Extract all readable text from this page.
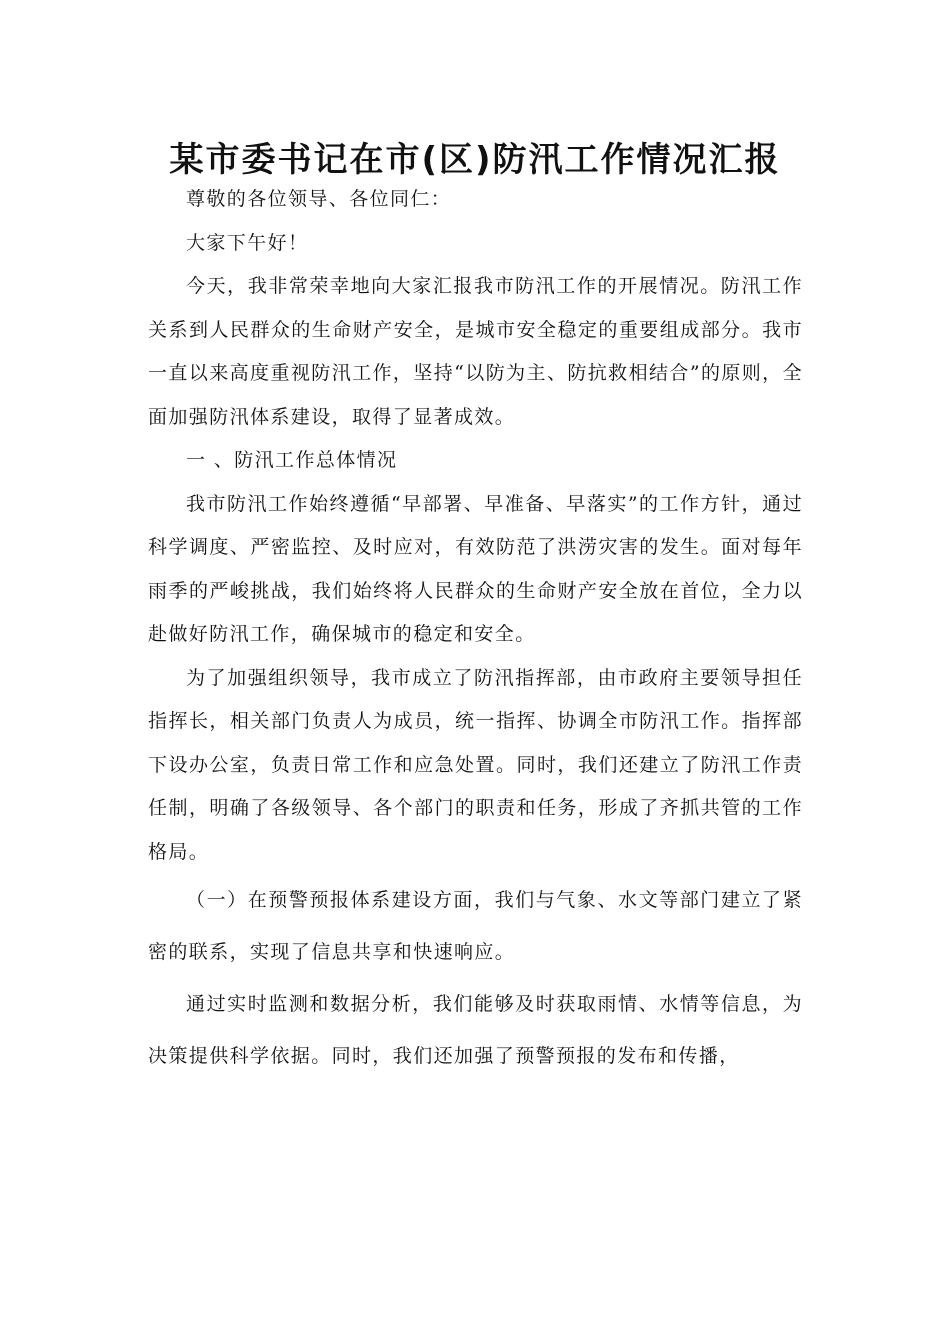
某市委书记在市(区)防汛工作情况汇报

尊敬的各位领导、各位同仁：

大家下午好！

今天，我非常荣幸地向大家汇报我市防汛工作的开展情况。防汛工作关系到人民群众的生命财产安全，是城市安全稳定的重要组成部分。我市一直以来高度重视防汛工作，坚持“以防为主、防抗救相结合”的原则，全面加强防汛体系建设，取得了显著成效。

一 、防汛工作总体情况

我市防汛工作始终遵循“早部署、早准备、早落实”的工作方针，通过科学调度、严密监控、及时应对，有效防范了洪涝灾害的发生。面对每年雨季的严峻挑战，我们始终将人民群众的生命财产安全放在首位，全力以赴做好防汛工作，确保城市的稳定和安全。

为了加强组织领导，我市成立了防汛指挥部，由市政府主要领导担任指挥长，相关部门负责人为成员，统一指挥、协调全市防汛工作。指挥部下设办公室，负责日常工作和应急处置。同时，我们还建立了防汛工作责任制，明确了各级领导、各个部门的职责和任务，形成了齐抓共管的工作格局。

（一）在预警预报体系建设方面，我们与气象、水文等部门建立了紧密的联系，实现了信息共享和快速响应。

通过实时监测和数据分析，我们能够及时获取雨情、水情等信息，为决策提供科学依据。同时，我们还加强了预警预报的发布和传播，
